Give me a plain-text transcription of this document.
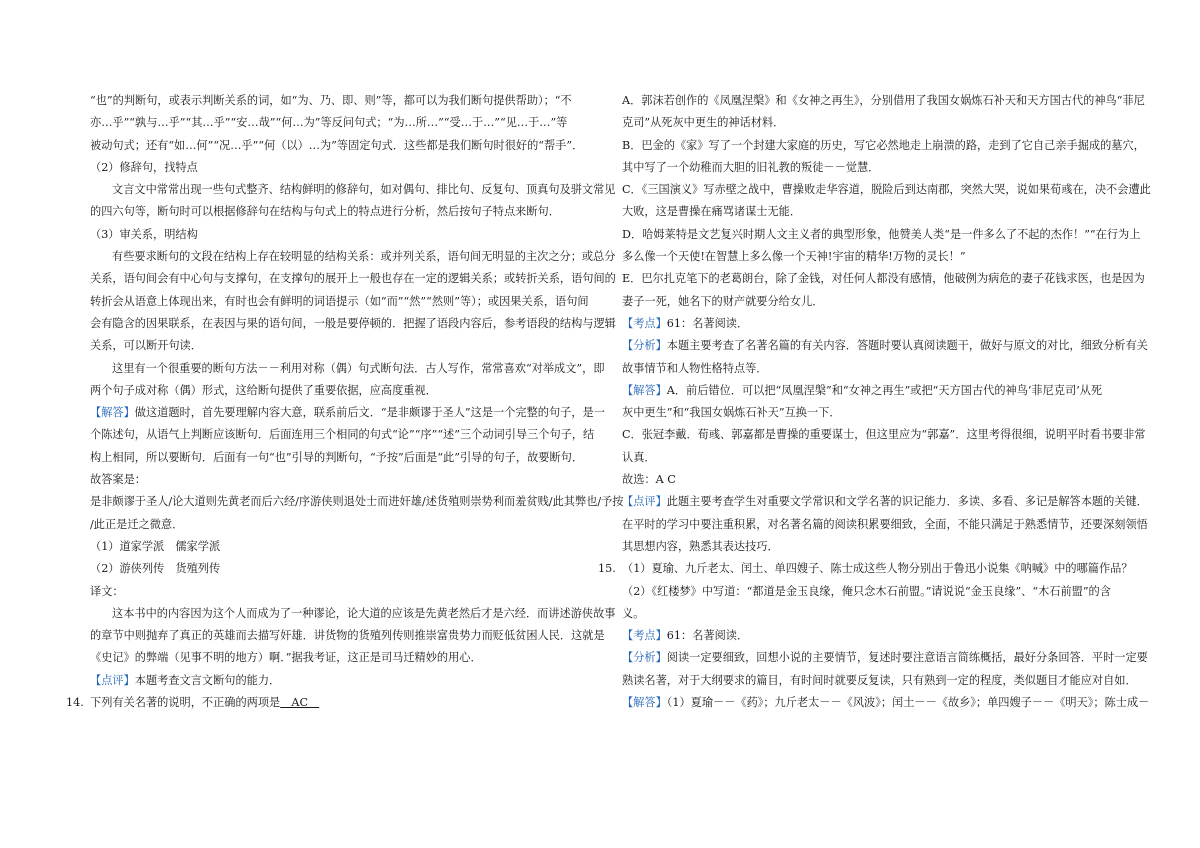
“也”的判断句，或表示判断关系的词，如“为、乃、即、则”等，都可以为我们断句提供帮助）；“不
亦…乎”“孰与…乎”“其…乎”“安…哉”“何…为”等反问句式；“为…所…”“受…于…”“见…于…”等
被动句式；还有“如…何”“况…乎”“何（以）…为”等固定句式．这些都是我们断句时很好的“帮手”．
（2）修辞句，找特点
文言文中常常出现一些句式整齐、结构鲜明的修辞句，如对偶句、排比句、反复句、顶真句及骈文常见
的四六句等，断句时可以根据修辞句在结构与句式上的特点进行分析，然后按句子特点来断句．
（3）审关系，明结构
有些要求断句的文段在结构上存在较明显的结构关系：或并列关系，语句间无明显的主次之分；或总分
关系，语句间会有中心句与支撑句，在支撑句的展开上一般也存在一定的逻辑关系；或转折关系，语句间的
转折会从语意上体现出来，有时也会有鲜明的词语提示（如“而”“然”“然则”等）；或因果关系，语句间
会有隐含的因果联系，在表因与果的语句间，一般是要停顿的．把握了语段内容后，参考语段的结构与逻辑
关系，可以断开句读．
这里有一个很重要的断句方法－－利用对称（偶）句式断句法．古人写作，常常喜欢“对举成文”，即
两个句子成对称（偶）形式，这给断句提供了重要依据，应高度重视．
【解答】做这道题时，首先要理解内容大意，联系前后文．“是非颇谬于圣人”这是一个完整的句子，是一
个陈述句，从语气上判断应该断句．后面连用三个相同的句式“论”“序”“述”三个动词引导三个句子，结
构上相同，所以要断句．后面有一句“也”引导的判断句，“予按”后面是“此”引导的句子，故要断句．
故答案是：
是非颇谬于圣人/论大道则先黄老而后六经/序游侠则退处士而进奸雄/述货殖则崇势利而羞贫贱/此其弊也/予按
/此正是迁之微意．
（1）道家学派　儒家学派
（2）游侠列传　货殖列传
译文：
这本书中的内容因为这个人而成为了一种谬论，论大道的应该是先黄老然后才是六经．而讲述游侠故事
的章节中则抛弃了真正的英雄而去描写奸雄．讲货物的货殖列传则推崇富贵势力而贬低贫困人民．这就是
《史记》的弊端（见事不明的地方）啊．”据我考证，这正是司马迁精妙的用心．
【点评】本题考查文言文断句的能力．
14. 下列有关名著的说明，不正确的两项是　AC　
A．郭沫若创作的《凤凰涅槃》和《女神之再生》，分别借用了我国女娲炼石补天和天方国古代的神鸟“菲尼
克司”从死灰中更生的神话材料．
B．巴金的《家》写了一个封建大家庭的历史，写它必然地走上崩溃的路，走到了它自己亲手掘成的墓穴，
其中写了一个幼稚而大胆的旧礼教的叛徒－－觉慧．
C．《三国演义》写赤壁之战中，曹操败走华容道，脱险后到达南郡，突然大哭，说如果荀彧在，决不会遭此
大败，这是曹操在痛骂诸谋士无能．
D．哈姆莱特是文艺复兴时期人文主义者的典型形象，他赞美人类“是一件多么了不起的杰作！”“在行为上
多么像一个天使!在智慧上多么像一个天神!宇宙的精华!万物的灵长！”
E．巴尔扎克笔下的老葛朗台，除了金钱，对任何人都没有感情，他破例为病危的妻子花钱求医，也是因为
妻子一死，她名下的财产就要分给女儿．
【考点】61：名著阅读．
【分析】本题主要考查了名著名篇的有关内容．答题时要认真阅读题干，做好与原文的对比，细致分析有关
故事情节和人物性格特点等．
【解答】A．前后错位．可以把“凤凰涅槃”和“女神之再生”或把“天方国古代的神鸟‘菲尼克司’从死
灰中更生”和“我国女娲炼石补天”互换一下．
C．张冠李戴．荀彧、郭嘉都是曹操的重要谋士，但这里应为“郭嘉”．这里考得很细，说明平时看书要非常
认真．
故选：A C
【点评】此题主要考查学生对重要文学常识和文学名著的识记能力．多读、多看、多记是解答本题的关键．
在平时的学习中要注重积累，对名著名篇的阅读积累要细致，全面，不能只满足于熟悉情节，还要深刻领悟
其思想内容，熟悉其表达技巧．
15. （1）夏瑜、九斤老太、闰土、单四嫂子、陈士成这些人物分别出于鲁迅小说集《呐喊》中的哪篇作品？
（2）《红楼梦》中写道：“都道是金玉良缘，俺只念木石前盟。”请说说“金玉良缘”、“木石前盟”的含
义。
【考点】61：名著阅读．
【分析】阅读一定要细致，回想小说的主要情节，复述时要注意语言简练概括，最好分条回答．平时一定要
熟读名著，对于大纲要求的篇目，有时间时就要反复读，只有熟到一定的程度，类似题目才能应对自如．
【解答】（1）夏瑜－－《药》；九斤老太－－《风波》；闰土－－《故乡》；单四嫂子－－《明天》；陈士成－
